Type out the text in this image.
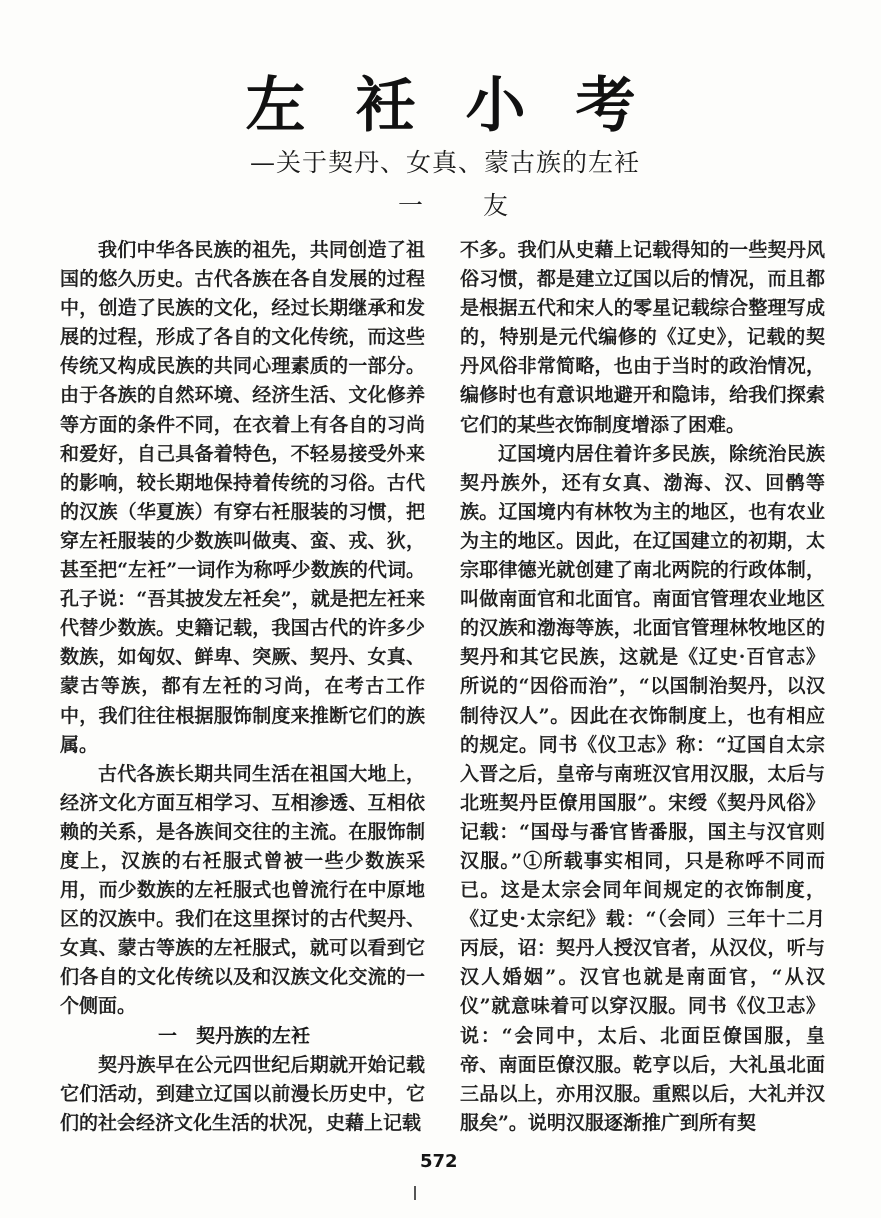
左衽小考
—关于契丹、女真、蒙古族的左衽
一友

我们中华各民族的祖先，共同创造了祖国的悠久历史。古代各族在各自发展的过程中，创造了民族的文化，经过长期继承和发展的过程，形成了各自的文化传统，而这些传统又构成民族的共同心理素质的一部分。由于各族的自然环境、经济生活、文化修养等方面的条件不同，在衣着上有各自的习尚和爱好，自己具备着特色，不轻易接受外来的影响，较长期地保持着传统的习俗。古代的汉族（华夏族）有穿右衽服装的习惯，把穿左衽服装的少数族叫做夷、蛮、戎、狄，甚至把“左衽”一词作为称呼少数族的代词。孔子说：“吾其披发左衽矣”，就是把左衽来代替少数族。史籍记载，我国古代的许多少数族，如匈奴、鲜卑、突厥、契丹、女真、蒙古等族，都有左衽的习尚，在考古工作中，我们往往根据服饰制度来推断它们的族属。

古代各族长期共同生活在祖国大地上，经济文化方面互相学习、互相渗透、互相依赖的关系，是各族间交往的主流。在服饰制度上，汉族的右衽服式曾被一些少数族采用，而少数族的左衽服式也曾流行在中原地区的汉族中。我们在这里探讨的古代契丹、女真、蒙古等族的左衽服式，就可以看到它们各自的文化传统以及和汉族文化交流的一个侧面。

一　契丹族的左衽

契丹族早在公元四世纪后期就开始记载它们活动，到建立辽国以前漫长历史中，它们的社会经济文化生活的状况，史藉上记载

不多。我们从史藉上记载得知的一些契丹风俗习惯，都是建立辽国以后的情况，而且都是根据五代和宋人的零星记载综合整理写成的，特别是元代编修的《辽史》，记载的契丹风俗非常简略，也由于当时的政治情况，编修时也有意识地避开和隐讳，给我们探索它们的某些衣饰制度增添了困难。

辽国境内居住着许多民族，除统治民族契丹族外，还有女真、渤海、汉、回鹘等族。辽国境内有林牧为主的地区，也有农业为主的地区。因此，在辽国建立的初期，太宗耶律德光就创建了南北两院的行政体制，叫做南面官和北面官。南面官管理农业地区的汉族和渤海等族，北面官管理林牧地区的契丹和其它民族，这就是《辽史·百官志》所说的“因俗而治”，“以国制治契丹，以汉制待汉人”。因此在衣饰制度上，也有相应的规定。同书《仪卫志》称：“辽国自太宗入晋之后，皇帝与南班汉官用汉服，太后与北班契丹臣僚用国服”。宋绶《契丹风俗》记载：“国母与番官皆番服，国主与汉官则汉服。”①所载事实相同，只是称呼不同而已。这是太宗会同年间规定的衣饰制度，《辽史·太宗纪》载：“（会同）三年十二月丙辰，诏：契丹人授汉官者，从汉仪，听与汉人婚姻”。汉官也就是南面官，“从汉仪”就意味着可以穿汉服。同书《仪卫志》说：“会同中，太后、北面臣僚国服，皇帝、南面臣僚汉服。乾亨以后，大礼虽北面三品以上，亦用汉服。重熙以后，大礼并汉服矣”。说明汉服逐渐推广到所有契

572
